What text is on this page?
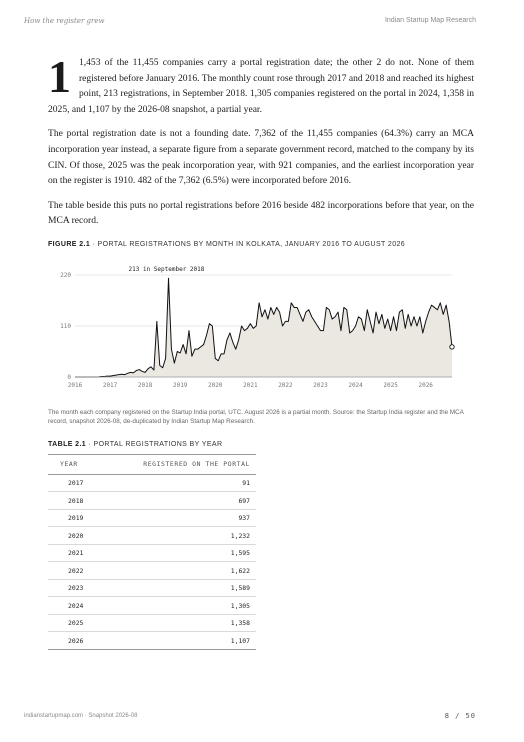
How the register grew	Indian Startup Map Research

1 1,453 of the 11,455 companies carry a portal registration date; the other 2 do not. None of them registered before January 2016. The monthly count rose through 2017 and 2018 and reached its highest point, 213 registrations, in September 2018. 1,305 companies registered on the portal in 2024, 1,358 in 2025, and 1,107 by the 2026-08 snapshot, a partial year.

The portal registration date is not a founding date. 7,362 of the 11,455 companies (64.3%) carry an MCA incorporation year instead, a separate figure from a separate government record, matched to the company by its CIN. Of those, 2025 was the peak incorporation year, with 921 companies, and the earliest incorporation year on the register is 1910. 482 of the 7,362 (6.5%) were incorporated before 2016.

The table beside this puts no portal registrations before 2016 beside 482 incorporations before that year, on the MCA record.

FIGURE 2.1 · PORTAL REGISTRATIONS BY MONTH IN KOLKATA, JANUARY 2016 TO AUGUST 2026
0
110
220
2016	2017	2018	2019	2020	2021	2022	2023	2024	2025	2026
213 in September 2018
The month each company registered on the Startup India portal, UTC. August 2026 is a partial month. Source: the Startup India register and the MCA record, snapshot 2026-08, de-duplicated by Indian Startup Map Research.
TABLE 2.1 · PORTAL REGISTRATIONS BY YEAR
YEAR	REGISTERED ON THE PORTAL
2017	91
2018	697
2019	937
2020	1,232
2021	1,595
2022	1,622
2023	1,589
2024	1,305
2025	1,358
2026	1,107
indianstartupmap.com · Snapshot 2026-08	8 / 50
